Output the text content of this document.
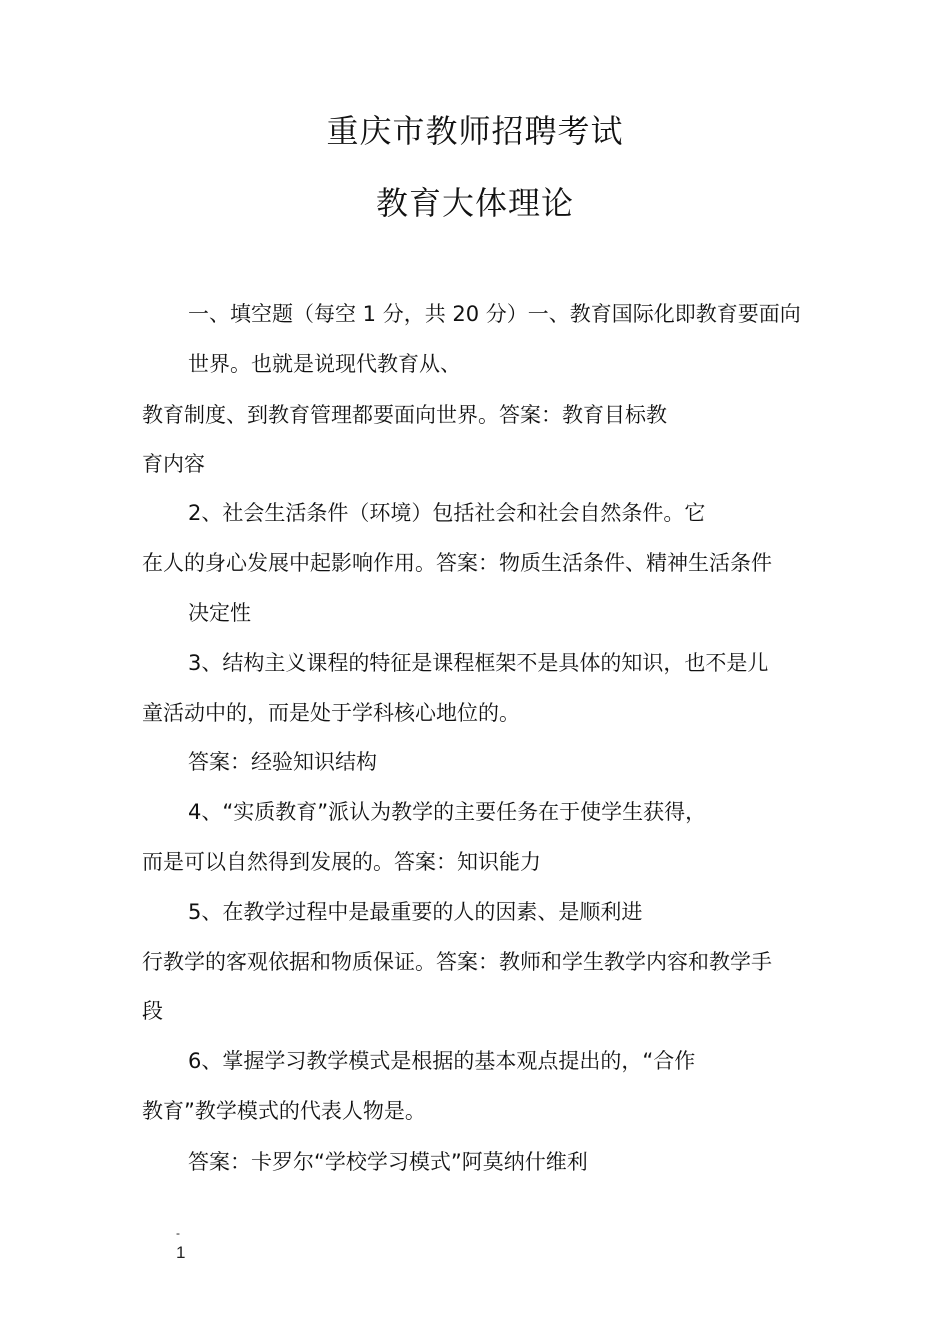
重庆市教师招聘考试
教育大体理论
一、填空题（每空 1 分，共 20 分）一、教育国际化即教育要面向
世界。也就是说现代教育从、
教育制度、到教育管理都要面向世界。答案：教育目标教
育内容
2、社会生活条件（环境）包括社会和社会自然条件。它
在人的身心发展中起影响作用。答案：物质生活条件、精神生活条件
决定性
3、结构主义课程的特征是课程框架不是具体的知识，也不是儿
童活动中的，而是处于学科核心地位的。
答案：经验知识结构
4、“实质教育”派认为教学的主要任务在于使学生获得，
而是可以自然得到发展的。答案：知识能力
5、在教学过程中是最重要的人的因素、是顺利进
行教学的客观依据和物质保证。答案：教师和学生教学内容和教学手
段
6、掌握学习教学模式是根据的基本观点提出的，“合作
教育”教学模式的代表人物是。
答案：卡罗尔“学校学习模式”阿莫纳什维利
-
1
